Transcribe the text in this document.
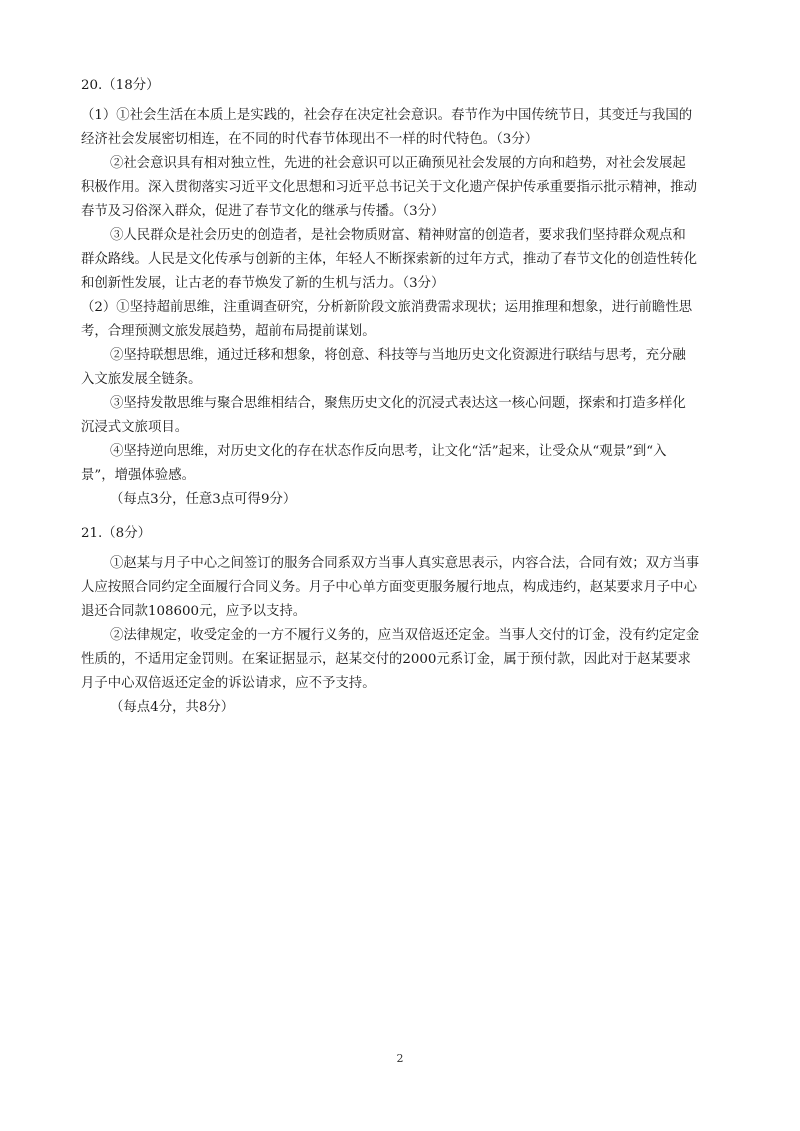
20.（18分）
（1）①社会生活在本质上是实践的，社会存在决定社会意识。春节作为中国传统节日，其变迁与我国的
经济社会发展密切相连，在不同的时代春节体现出不一样的时代特色。（3分）
②社会意识具有相对独立性，先进的社会意识可以正确预见社会发展的方向和趋势，对社会发展起
积极作用。深入贯彻落实习近平文化思想和习近平总书记关于文化遗产保护传承重要指示批示精神，推动
春节及习俗深入群众，促进了春节文化的继承与传播。（3分）
③人民群众是社会历史的创造者，是社会物质财富、精神财富的创造者，要求我们坚持群众观点和
群众路线。人民是文化传承与创新的主体，年轻人不断探索新的过年方式，推动了春节文化的创造性转化
和创新性发展，让古老的春节焕发了新的生机与活力。（3分）
（2）①坚持超前思维，注重调查研究，分析新阶段文旅消费需求现状；运用推理和想象，进行前瞻性思
考，合理预测文旅发展趋势，超前布局提前谋划。
②坚持联想思维，通过迁移和想象，将创意、科技等与当地历史文化资源进行联结与思考，充分融
入文旅发展全链条。
③坚持发散思维与聚合思维相结合，聚焦历史文化的沉浸式表达这一核心问题，探索和打造多样化
沉浸式文旅项目。
④坚持逆向思维，对历史文化的存在状态作反向思考，让文化“活”起来，让受众从“观景”到“入
景”，增强体验感。
（每点3分，任意3点可得9分）
21.（8分）
①赵某与月子中心之间签订的服务合同系双方当事人真实意思表示，内容合法，合同有效；双方当事
人应按照合同约定全面履行合同义务。月子中心单方面变更服务履行地点，构成违约，赵某要求月子中心
退还合同款108600元，应予以支持。
②法律规定，收受定金的一方不履行义务的，应当双倍返还定金。当事人交付的订金，没有约定定金
性质的，不适用定金罚则。在案证据显示，赵某交付的2000元系订金，属于预付款，因此对于赵某要求
月子中心双倍返还定金的诉讼请求，应不予支持。
（每点4分，共8分）
2
